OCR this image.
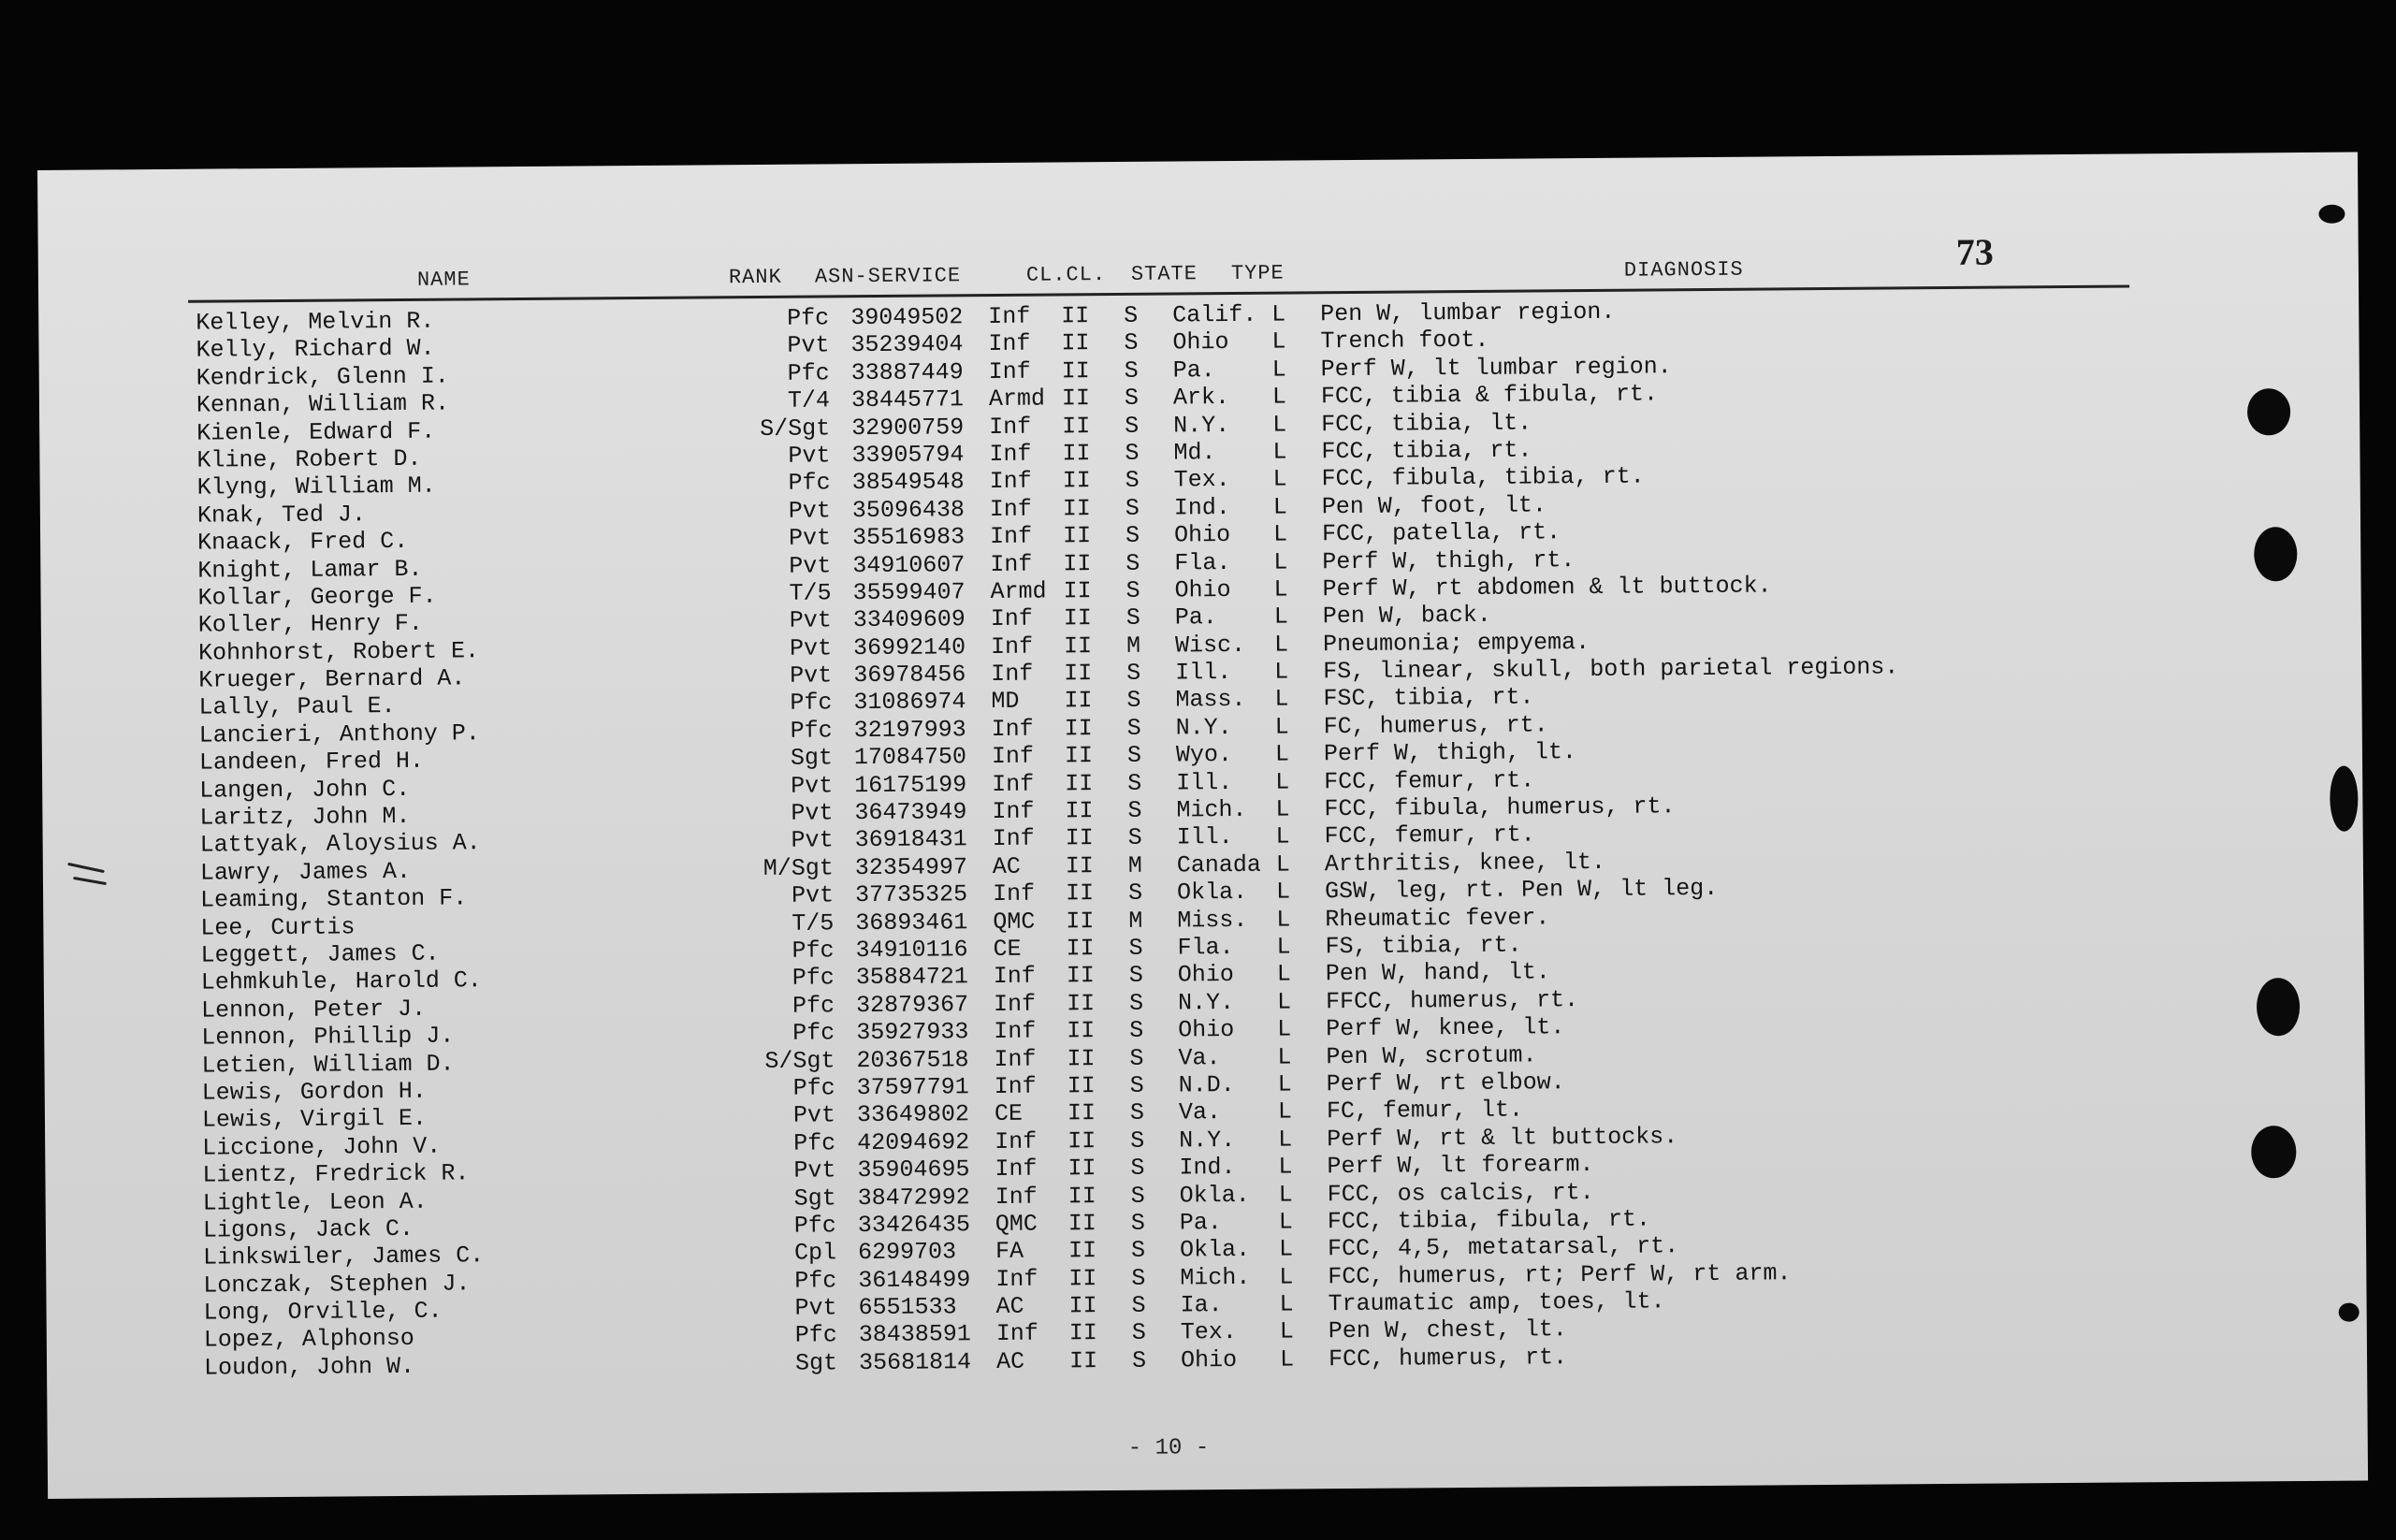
73
NAME	RANK ASN-SERVICE	CL.CL. STATE TYPE	DIAGNOSIS
Kelley, Melvin R.	Pfc 39049502 Inf II S Calif. L Pen W, lumbar region.
Kelly, Richard W.	Pvt 35239404 Inf II S Ohio L Trench foot.
Kendrick, Glenn I.	Pfc 33887449 Inf II S Pa. L Perf W, lt lumbar region.
Kennan, William R.	T/4 38445771 Armd II S Ark. L FCC, tibia & fibula, rt.
Kienle, Edward F.	S/Sgt 32900759 Inf II S N.Y. L FCC, tibia, lt.
Kline, Robert D.	Pvt 33905794 Inf II S Md. L FCC, tibia, rt.
Klyng, William M.	Pfc 38549548 Inf II S Tex. L FCC, fibula, tibia, rt.
Knak, Ted J.	Pvt 35096438 Inf II S Ind. L Pen W, foot, lt.
Knaack, Fred C.	Pvt 35516983 Inf II S Ohio L FCC, patella, rt.
Knight, Lamar B.	Pvt 34910607 Inf II S Fla. L Perf W, thigh, rt.
Kollar, George F.	T/5 35599407 Armd II S Ohio L Perf W, rt abdomen & lt buttock.
Koller, Henry F.	Pvt 33409609 Inf II S Pa. L Pen W, back.
Kohnhorst, Robert E.	Pvt 36992140 Inf II M Wisc. L Pneumonia; empyema.
Krueger, Bernard A.	Pvt 36978456 Inf II S Ill. L FS, linear, skull, both parietal regions.
Lally, Paul E.	Pfc 31086974 MD II S Mass. L FSC, tibia, rt.
Lancieri, Anthony P.	Pfc 32197993 Inf II S N.Y. L FC, humerus, rt.
Landeen, Fred H.	Sgt 17084750 Inf II S Wyo. L Perf W, thigh, lt.
Langen, John C.	Pvt 16175199 Inf II S Ill. L FCC, femur, rt.
Laritz, John M.	Pvt 36473949 Inf II S Mich. L FCC, fibula, humerus, rt.
Lattyak, Aloysius A.	Pvt 36918431 Inf II S Ill. L FCC, femur, rt.
Lawry, James A.	M/Sgt 32354997 AC II M Canada L Arthritis, knee, lt.
Leaming, Stanton F.	Pvt 37735325 Inf II S Okla. L GSW, leg, rt. Pen W, lt leg.
Lee, Curtis	T/5 36893461 QMC II M Miss. L Rheumatic fever.
Leggett, James C.	Pfc 34910116 CE II S Fla. L FS, tibia, rt.
Lehmkuhle, Harold C.	Pfc 35884721 Inf II S Ohio L Pen W, hand, lt.
Lennon, Peter J.	Pfc 32879367 Inf II S N.Y. L FFCC, humerus, rt.
Lennon, Phillip J.	Pfc 35927933 Inf II S Ohio L Perf W, knee, lt.
Letien, William D.	S/Sgt 20367518 Inf II S Va. L Pen W, scrotum.
Lewis, Gordon H.	Pfc 37597791 Inf II S N.D. L Perf W, rt elbow.
Lewis, Virgil E.	Pvt 33649802 CE II S Va. L FC, femur, lt.
Liccione, John V.	Pfc 42094692 Inf II S N.Y. L Perf W, rt & lt buttocks.
Lientz, Fredrick R.	Pvt 35904695 Inf II S Ind. L Perf W, lt forearm.
Lightle, Leon A.	Sgt 38472992 Inf II S Okla. L FCC, os calcis, rt.
Ligons, Jack C.	Pfc 33426435 QMC II S Pa. L FCC, tibia, fibula, rt.
Linkswiler, James C.	Cpl 6299703 FA II S Okla. L FCC, 4,5, metatarsal, rt.
Lonczak, Stephen J.	Pfc 36148499 Inf II S Mich. L FCC, humerus, rt; Perf W, rt arm.
Long, Orville, C.	Pvt 6551533 AC II S Ia. L Traumatic amp, toes, lt.
Lopez, Alphonso	Pfc 38438591 Inf II S Tex. L Pen W, chest, lt.
Loudon, John W.	Sgt 35681814 AC II S Ohio L FCC, humerus, rt.
- 10 -
